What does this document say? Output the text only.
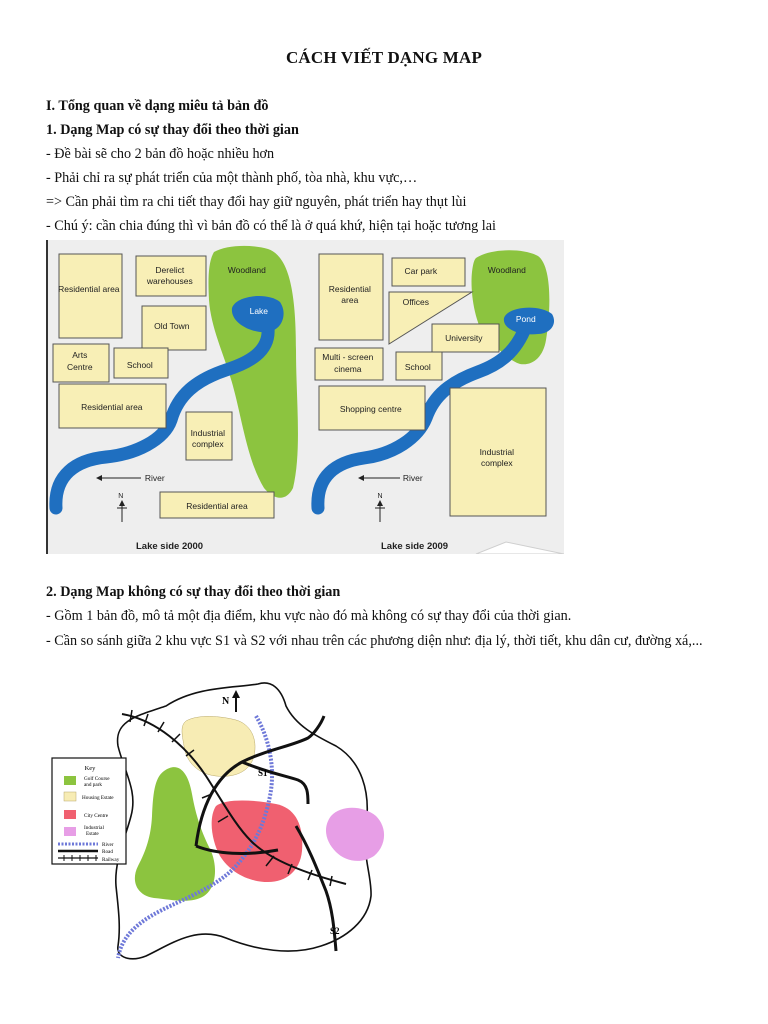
CÁCH VIẾT DẠNG MAP
I. Tổng quan về dạng miêu tả bản đồ
1. Dạng Map có sự thay đổi theo thời gian
- Đề bài sẽ cho 2 bản đồ hoặc nhiều hơn
- Phải chỉ ra sự phát triển của một thành phố, tòa nhà, khu vực,…
=> Cần phải tìm ra chi tiết thay đổi hay giữ nguyên, phát triển hay thụt lùi
- Chú ý: cần chia đúng thì vì bản đồ có thể là ở quá khứ, hiện tại hoặc tương lai
Residential area Derelict warehouses Old Town Woodland Lake Arts Centre	School Residential area Industrial complex River N Residential area
Lake side 2000
Residential area Car park	Woodland Offices Pond University Multi - screen cinema	School Shopping centre Industrial complex River N
Lake side 2009
2. Dạng Map không có sự thay đổi theo thời gian
- Gồm 1 bản đồ, mô tả một địa điểm, khu vực nào đó mà không có sự thay đổi của thời gian.
- Cần so sánh giữa 2 khu vực S1 và S2 với nhau trên các phương diện như: địa lý, thời tiết, khu dân cư, đường xá,...
N
S1
S2
Key
Golf Course
and park
Housing Estate
City Centre
Industrial
Estate
River
Road
Railway
